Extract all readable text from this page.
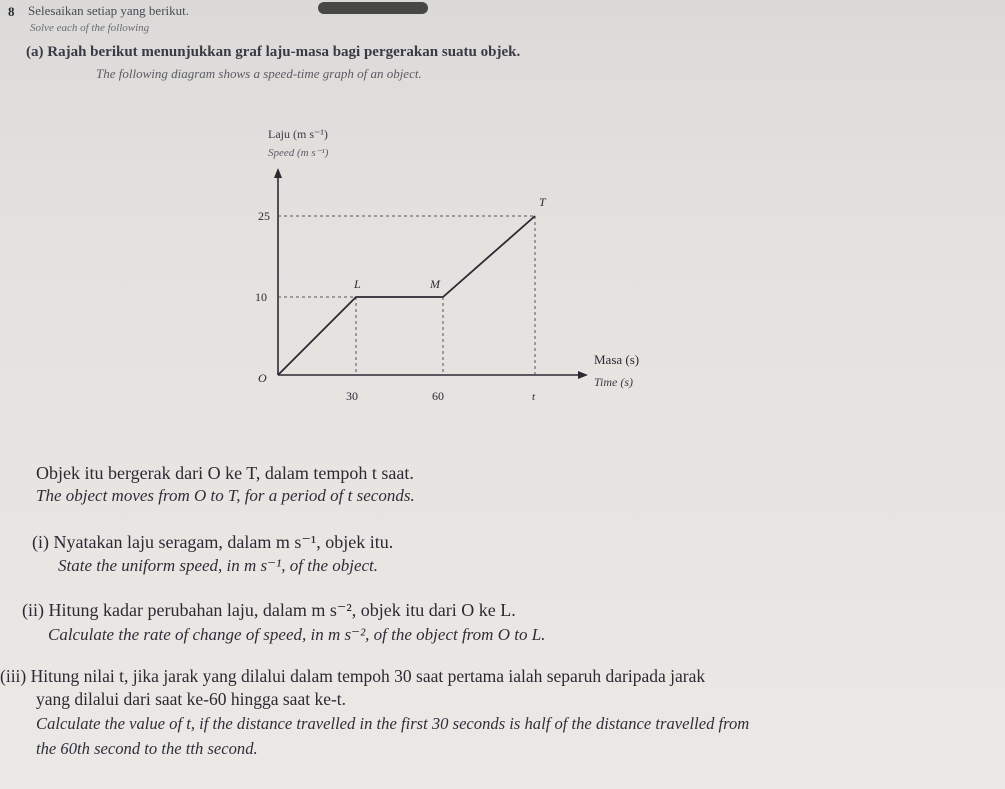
8 Selesaikan setiap yang berikut.
Solve each of the following
(a) Rajah berikut menunjukkan graf laju-masa bagi pergerakan suatu objek.
The following diagram shows a speed-time graph of an object.
Laju (m s⁻¹)
Speed (m s⁻¹)
25
10
O
30	60	t
L	M
T
Masa (s)
Time (s)
Objek itu bergerak dari O ke T, dalam tempoh t saat.
The object moves from O to T, for a period of t seconds.
(i) Nyatakan laju seragam, dalam m s⁻¹, objek itu.
State the uniform speed, in m s⁻¹, of the object.
(ii) Hitung kadar perubahan laju, dalam m s⁻², objek itu dari O ke L.
Calculate the rate of change of speed, in m s⁻², of the object from O to L.
(iii) Hitung nilai t, jika jarak yang dilalui dalam tempoh 30 saat pertama ialah separuh daripada jarak
yang dilalui dari saat ke-60 hingga saat ke-t.
Calculate the value of t, if the distance travelled in the first 30 seconds is half of the distance travelled from
the 60th second to the tth second.
